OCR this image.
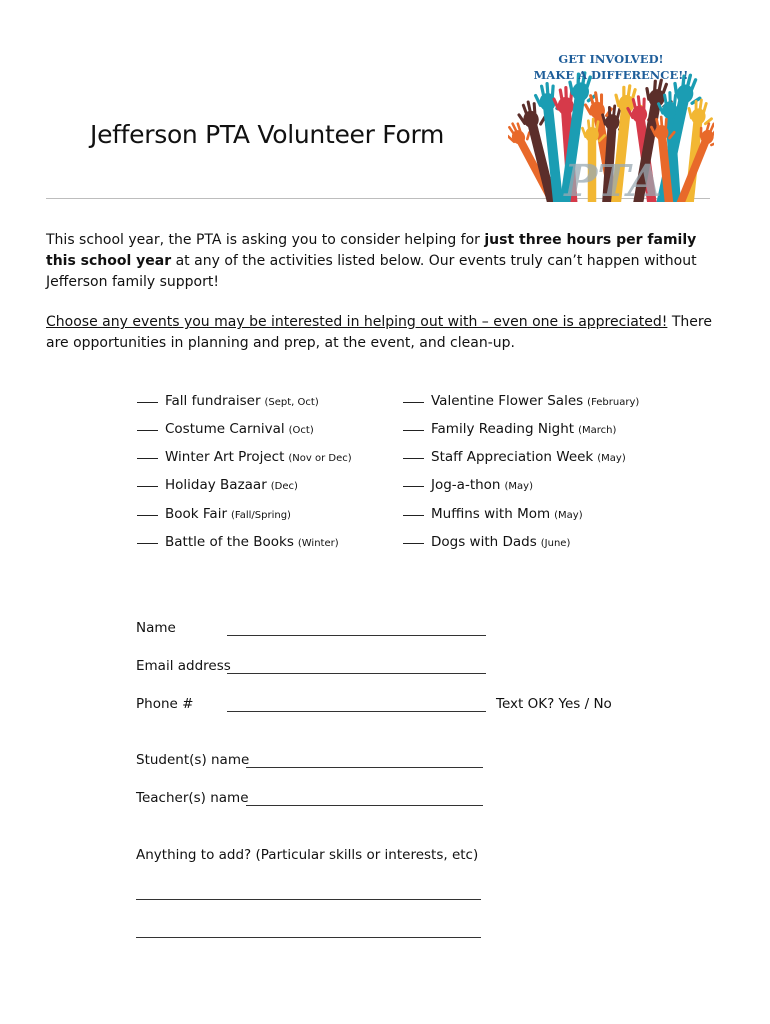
Jefferson PTA Volunteer Form
PTA
GET INVOLVED!
MAKE A DIFFERENCE!!
This school year, the PTA is asking you to consider helping for just three hours per family this school year at any of the activities listed below. Our events truly can’t happen without Jefferson family support!
Choose any events you may be interested in helping out with – even one is appreciated! There are opportunities in planning and prep, at the event, and clean-up.
Fall fundraiser (Sept, Oct)
Costume Carnival (Oct)
Winter Art Project (Nov or Dec)
Holiday Bazaar (Dec)
Book Fair (Fall/Spring)
Battle of the Books (Winter)
Valentine Flower Sales (February)
Family Reading Night (March)
Staff Appreciation Week (May)
Jog-a-thon (May)
Muffins with Mom (May)
Dogs with Dads (June)
Name
Email address
Phone #	Text OK? Yes / No
Student(s) name
Teacher(s) name
Anything to add? (Particular skills or interests, etc)
